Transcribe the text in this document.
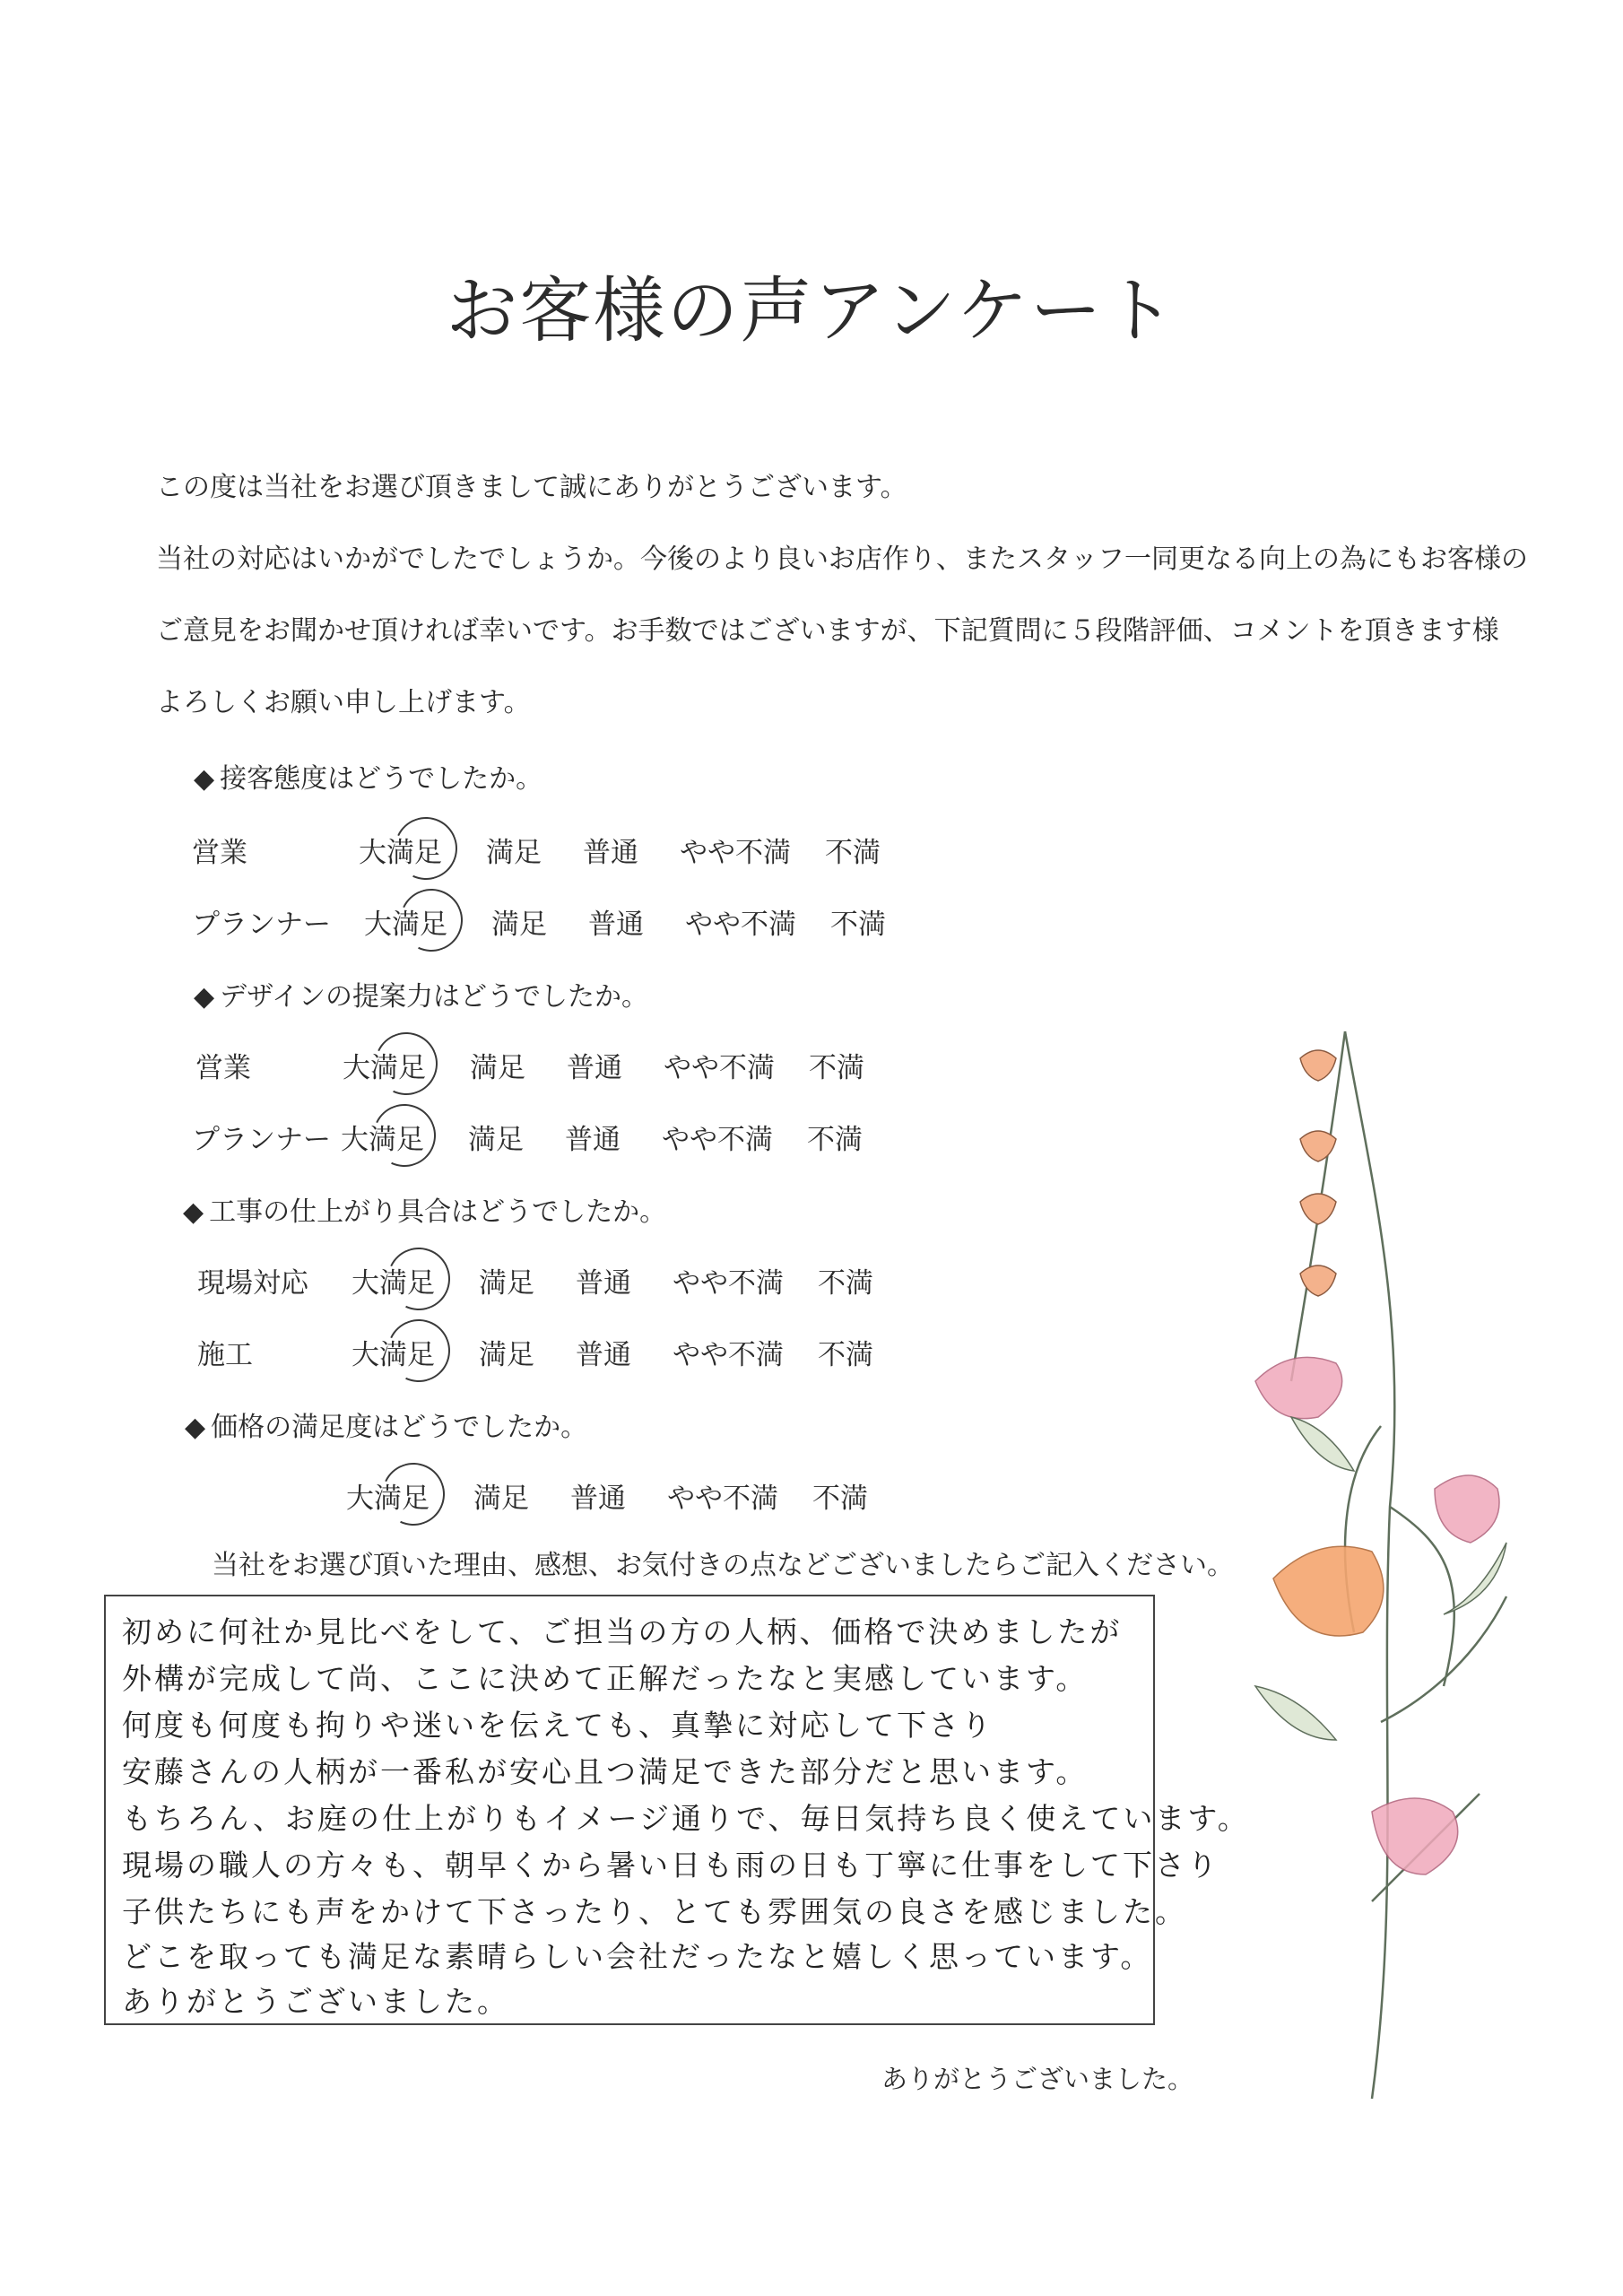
お客様の声アンケート

この度は当社をお選び頂きまして誠にありがとうございます。

当社の対応はいかがでしたでしょうか。今後のより良いお店作り、またスタッフ一同更なる向上の為にもお客様の

ご意見をお聞かせ頂ければ幸いです。お手数ではございますが、下記質問に５段階評価、コメントを頂きます様

よろしくお願い申し上げます。

◆ 接客態度はどうでしたか。
営業	大満足 満足 普通 やや不満 不満
プランナー 大満足 満足 普通 やや不満 不満
◆ デザインの提案力はどうでしたか。
営業	大満足 満足 普通 やや不満 不満
プランナー 大満足 満足 普通 やや不満 不満
◆ 工事の仕上がり具合はどうでしたか。
現場対応 大満足 満足 普通 やや不満 不満
施工	大満足 満足 普通 やや不満 不満
◆ 価格の満足度はどうでしたか。
大満足 満足 普通 やや不満 不満
当社をお選び頂いた理由、感想、お気付きの点などございましたらご記入ください。
初めに何社か見比べをして、ご担当の方の人柄、価格で決めましたが
外構が完成して尚、ここに決めて正解だったなと実感しています。
何度も何度も拘りや迷いを伝えても、真摯に対応して下さり
安藤さんの人柄が一番私が安心且つ満足できた部分だと思います。
もちろん、お庭の仕上がりもイメージ通りで、毎日気持ち良く使えています。
現場の職人の方々も、朝早くから暑い日も雨の日も丁寧に仕事をして下さり
子供たちにも声をかけて下さったり、とても雰囲気の良さを感じました。
どこを取っても満足な素晴らしい会社だったなと嬉しく思っています。
ありがとうございました。
ありがとうございました。
